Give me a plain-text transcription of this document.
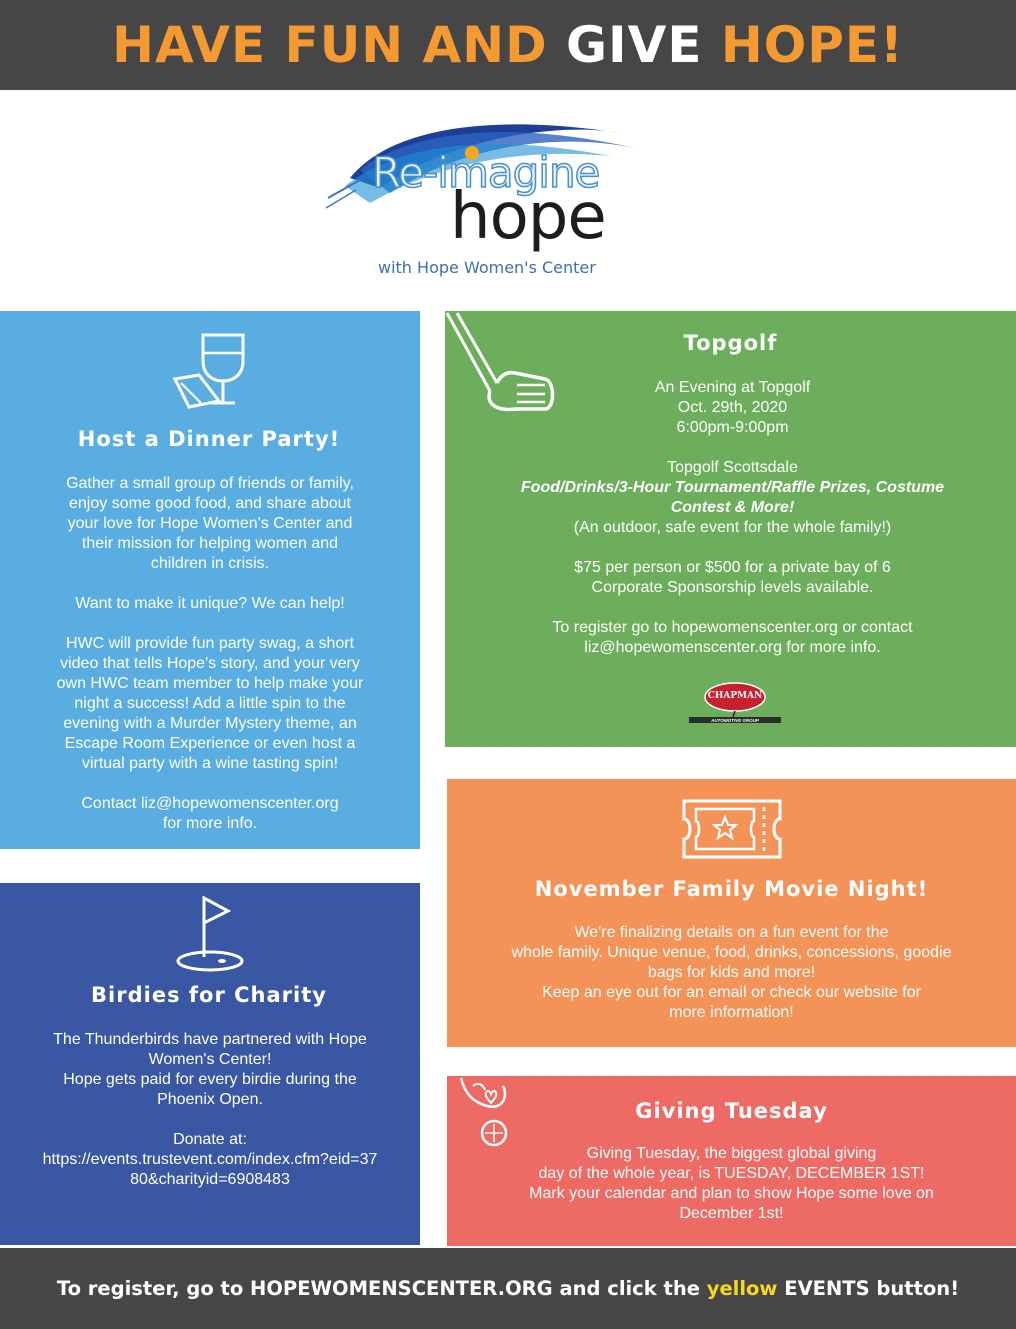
HAVE FUN AND GIVE HOPE!
Re-imagine
hope
with Hope Women's Center
Host a Dinner Party!

Gather a small group of friends or family,

enjoy some good food, and share about

your love for Hope Women's Center and

their mission for helping women and

children in crisis.

Want to make it unique? We can help!

HWC will provide fun party swag, a short

video that tells Hope's story, and your very

own HWC team member to help make your

night a success! Add a little spin to the

evening with a Murder Mystery theme, an

Escape Room Experience or even host a

virtual party with a wine tasting spin!

Contact liz@hopewomenscenter.org

for more info.

Topgolf

An Evening at Topgolf

Oct. 29th, 2020

6:00pm-9:00pm

Topgolf Scottsdale

Food/Drinks/3-Hour Tournament/Raffle Prizes, Costume

Contest & More!

(An outdoor, safe event for the whole family!)

$75 per person or $500 for a private bay of 6

Corporate Sponsorship levels available.

To register go to hopewomenscenter.org or contact

liz@hopewomenscenter.org for more info.

CHAPMAN
AUTOMOTIVE GROUP
Birdies for Charity

The Thunderbirds have partnered with Hope

Women's Center!

Hope gets paid for every birdie during the

Phoenix Open.

Donate at:

https://events.trustevent.com/index.cfm?eid=37

80&charityid=6908483

November Family Movie Night!

We're finalizing details on a fun event for the

whole family. Unique venue, food, drinks, concessions, goodie

bags for kids and more!

Keep an eye out for an email or check our website for

more information!

Giving Tuesday

Giving Tuesday, the biggest global giving

day of the whole year, is TUESDAY, DECEMBER 1ST!

Mark your calendar and plan to show Hope some love on

December 1st!

To register, go to HOPEWOMENSCENTER.ORG and click the yellow EVENTS button!
